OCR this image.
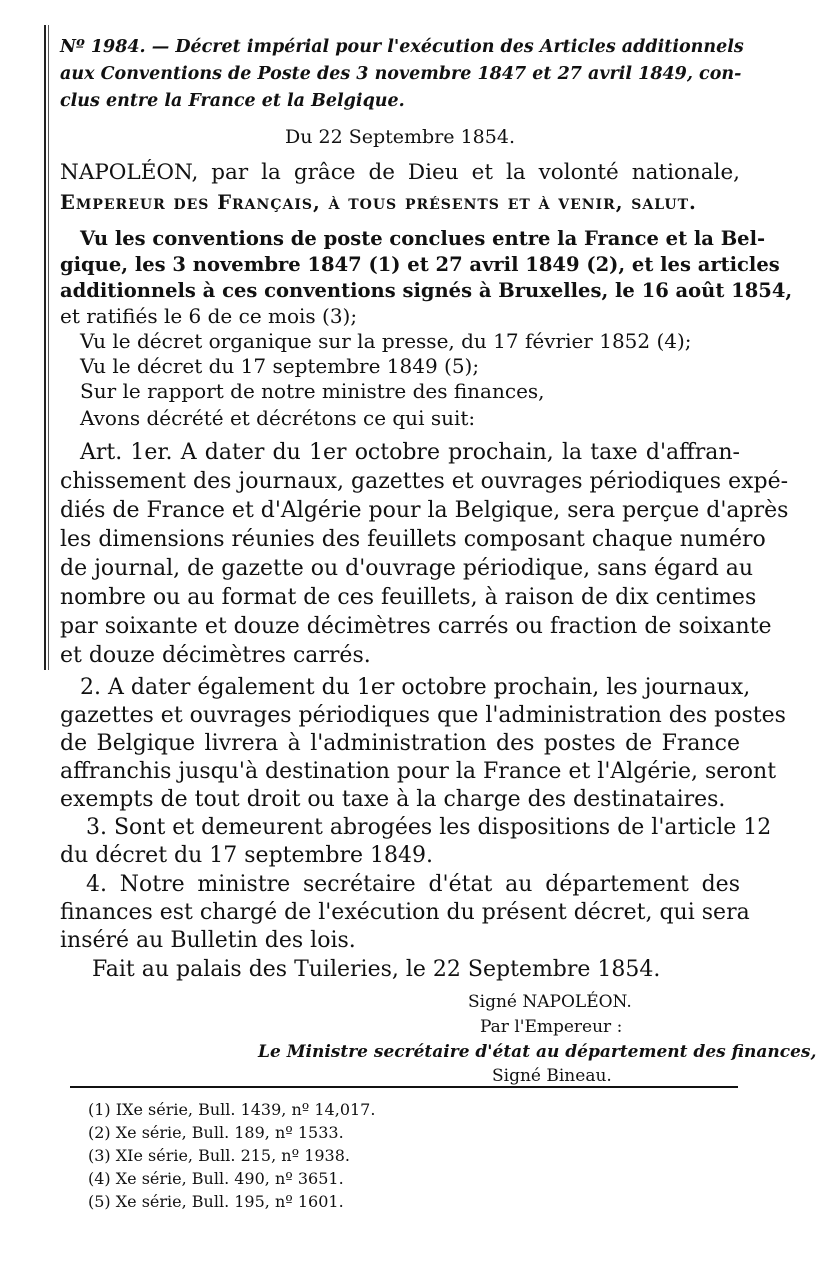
Nº 1984. — Décret impérial pour l'exécution des Articles additionnels
aux Conventions de Poste des 3 novembre 1847 et 27 avril 1849, con-
clus entre la France et la Belgique.
Du 22 Septembre 1854.
NAPOLÉON, par la grâce de Dieu et la volonté nationale,
Empereur des Français, à tous présents et à venir, salut.
Vu les conventions de poste conclues entre la France et la Bel-
gique, les 3 novembre 1847 (1) et 27 avril 1849 (2), et les articles
additionnels à ces conventions signés à Bruxelles, le 16 août 1854,
et ratifiés le 6 de ce mois (3);
Vu le décret organique sur la presse, du 17 février 1852 (4);
Vu le décret du 17 septembre 1849 (5);
Sur le rapport de notre ministre des finances,
Avons décrété et décrétons ce qui suit:
Art. 1er. A dater du 1er octobre prochain, la taxe d'affran-
chissement des journaux, gazettes et ouvrages périodiques expé-
diés de France et d'Algérie pour la Belgique, sera perçue d'après
les dimensions réunies des feuillets composant chaque numéro
de journal, de gazette ou d'ouvrage périodique, sans égard au
nombre ou au format de ces feuillets, à raison de dix centimes
par soixante et douze décimètres carrés ou fraction de soixante
et douze décimètres carrés.
2. A dater également du 1er octobre prochain, les journaux,
gazettes et ouvrages périodiques que l'administration des postes
de Belgique livrera à l'administration des postes de France
affranchis jusqu'à destination pour la France et l'Algérie, seront
exempts de tout droit ou taxe à la charge des destinataires.
3. Sont et demeurent abrogées les dispositions de l'article 12
du décret du 17 septembre 1849.
4. Notre ministre secrétaire d'état au département des
finances est chargé de l'exécution du présent décret, qui sera
inséré au Bulletin des lois.
Fait au palais des Tuileries, le 22 Septembre 1854.
Signé NAPOLÉON.
Par l'Empereur :
Le Ministre secrétaire d'état au département des finances,
Signé Bineau.
(1) IXe série, Bull. 1439, nº 14,017.
(2) Xe série, Bull. 189, nº 1533.
(3) XIe série, Bull. 215, nº 1938.
(4) Xe série, Bull. 490, nº 3651.
(5) Xe série, Bull. 195, nº 1601.
